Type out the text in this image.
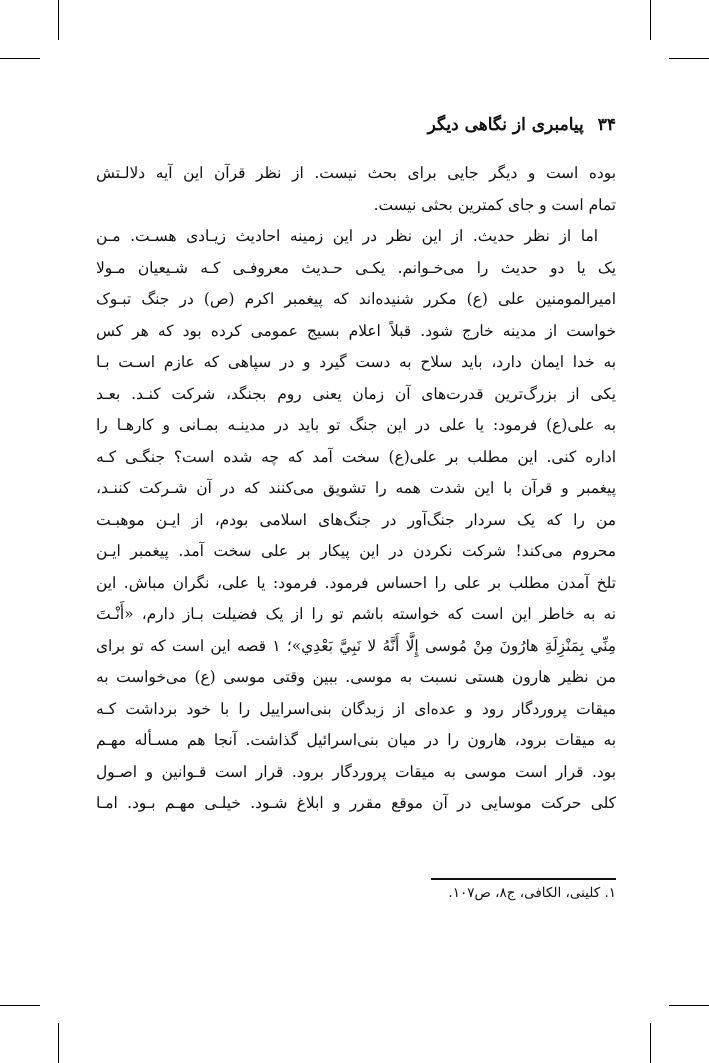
۳۴
پیامبری از نگاهی دیگر
بوده است و دیگر جایی برای بحث نیست. از نظر قرآن این آیه دلالـتش
تمام است و جای کمترین بحثی نیست.
اما از نظر حدیث. از این نظر در این زمینه احادیث زیـادی هسـت. مـن
یک یا دو حدیث را می‌خـوانم. یکـی حـدیث معروفـی کـه شـیعیان مـولا
امیرالمومنین علی (ع) مکرر شنیده‌اند که پیغمبر اکرم (ص) در جنگ تبـوک
خواست از مدینه خارج شود. قبلاً اعلام بسیج عمومی کرده بود که هر کس
به خدا ایمان دارد، باید سلاح به دست گیرد و در سپاهی که عازم اسـت بـا
یکی از بزرگ‌ترین قدرت‌های آن زمان یعنی روم بجنگد، شرکت کنـد. بعـد
به علی(ع) فرمود: یا علی در این جنگ تو باید در مدینـه بمـانی و کارهـا را
اداره کنی. این مطلب بر علی(ع) سخت آمد که چه شده است؟ جنگـی کـه
پیغمبر و قرآن با این شدت همه را تشویق می‌کنند که در آن شـرکت کننـد،
من را که یک سردار جنگ‌آور در جنگ‌های اسلامی بودم، از ایـن موهبـت
محروم می‌کند! شرکت نکردن در این پیکار بر علی سخت آمد. پیغمبر ایـن
تلخ آمدن مطلب بر علی را احساس فرمود. فرمود: یا علی، نگران مباش. این
نه به خاطر این است که خواسته باشم تو را از یک فضیلت بـاز دارم، «أَنْـتَ
مِنِّي بِمَنْزِلَةِ هارُونَ مِنْ مُوسى إِلَّا أَنَّهُ لا نَبِيَّ بَعْدِي»؛ ۱ قصه این است که تو برای
من نظیر هارون هستی نسبت به موسی. ببین وقتی موسی (ع) می‌خواست به
میقات پروردگار رود و عده‌ای از زبدگان بنی‌اسراییل را با خود برداشت کـه
به میقات برود، هارون را در میان بنی‌اسرائیل گذاشت. آنجا هم مسـأله مهـم
بود. قرار است موسی به میقات پروردگار برود. قرار است قـوانین و اصـول
کلی حرکت موسایی در آن موقع مقرر و ابلاغ شـود. خیلـی مهـم بـود. امـا
۱. کلینی، الکافی، ج۸، ص۱۰۷.
